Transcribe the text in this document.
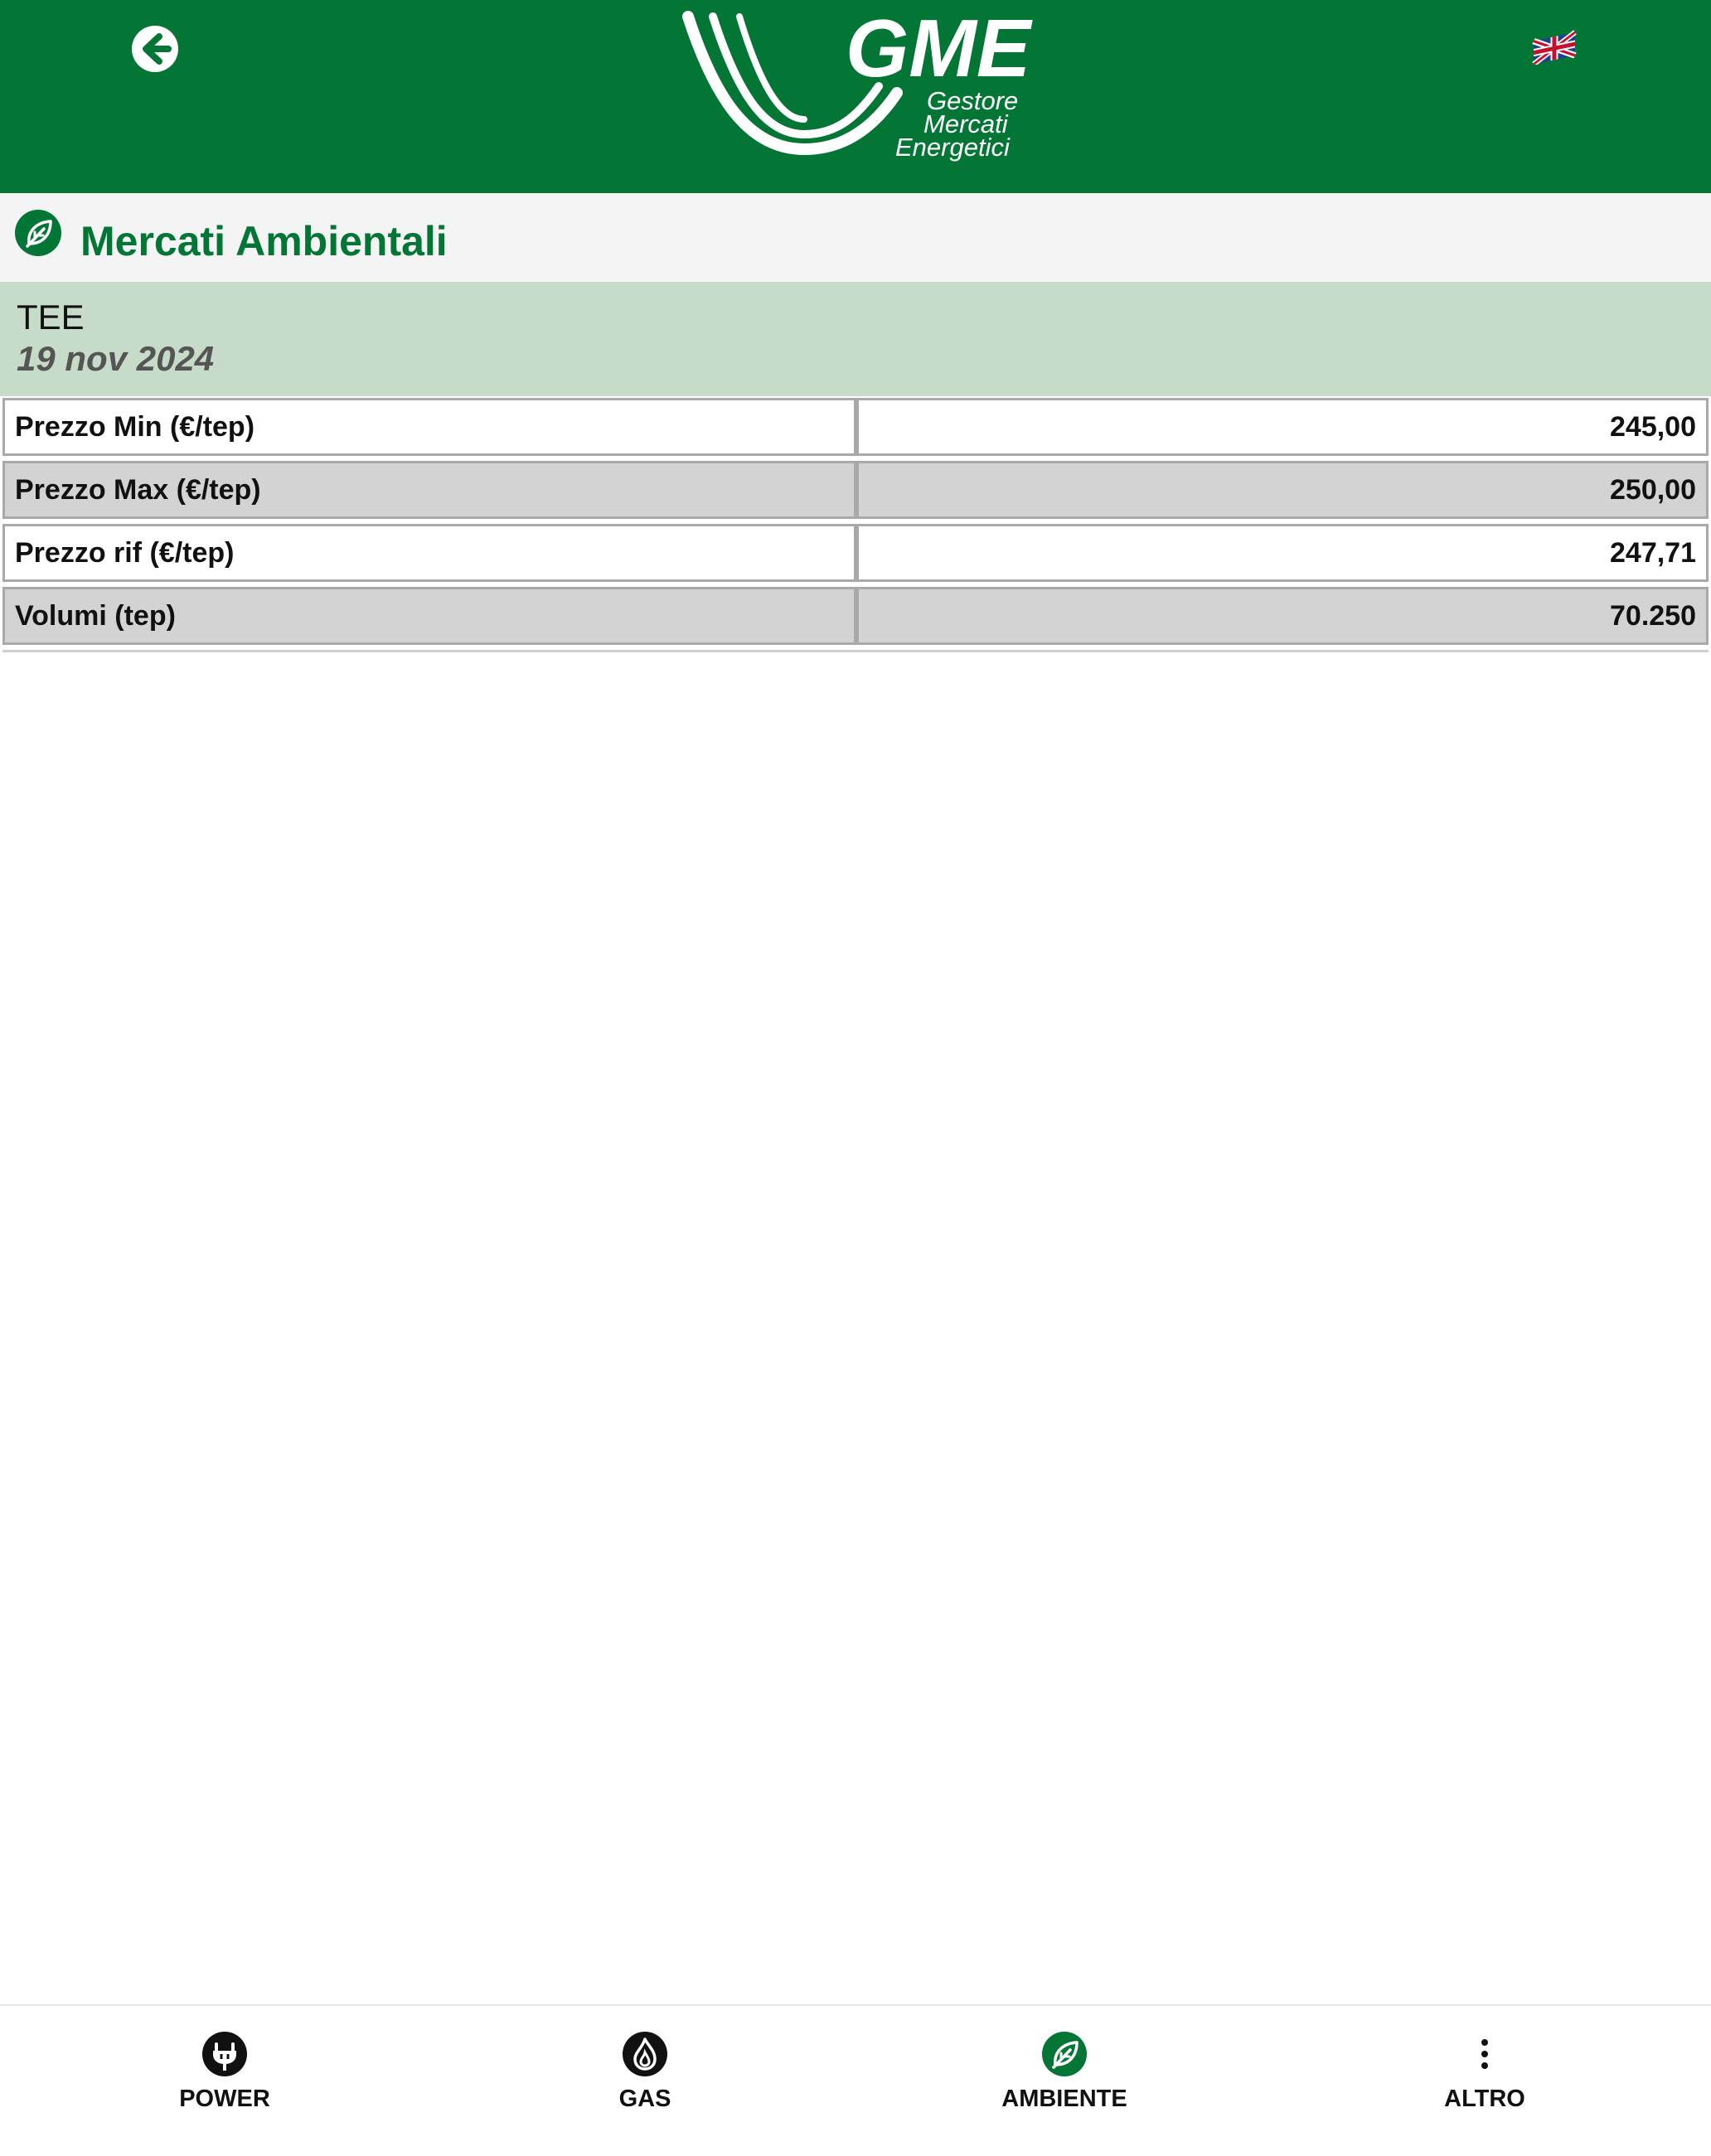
GME
Gestore
Mercati
Energetici
Mercati Ambientali
TEE
19 nov 2024
Prezzo Min (€/tep)	245,00
Prezzo Max (€/tep)	250,00
Prezzo rif (€/tep)	247,71
Volumi (tep)	70.250
POWER	GAS	AMBIENTE	ALTRO
